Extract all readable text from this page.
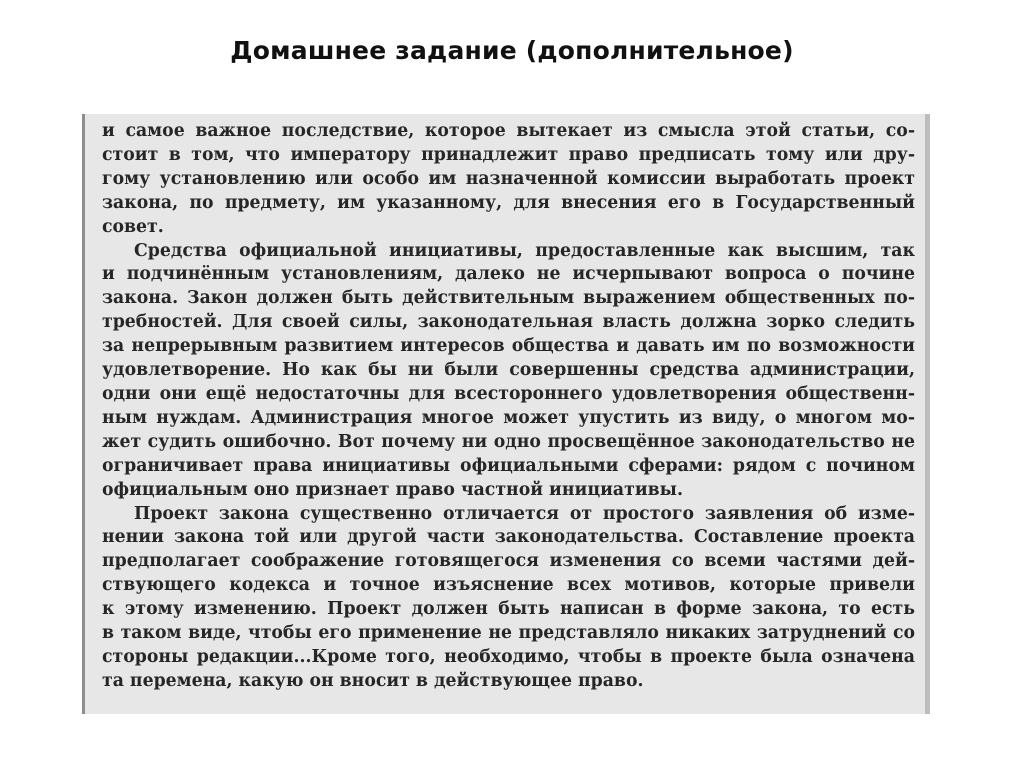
Домашнее задание (дополнительное)
и самое важное последствие, которое вытекает из смысла этой статьи, со-
стоит в том, что императору принадлежит право предписать тому или дру-
гому установлению или особо им назначенной комиссии выработать проект
закона, по предмету, им указанному, для внесения его в Государственный
совет.
Средства официальной инициативы, предоставленные как высшим, так
и подчинённым установлениям, далеко не исчерпывают вопроса о почине
закона. Закон должен быть действительным выражением общественных по-
требностей. Для своей силы, законодательная власть должна зорко следить
за непрерывным развитием интересов общества и давать им по возможности
удовлетворение. Но как бы ни были совершенны средства администрации,
одни они ещё недостаточны для всестороннего удовлетворения общественн-
ным нуждам. Администрация многое может упустить из виду, о многом мо-
жет судить ошибочно. Вот почему ни одно просвещённое законодательство не
ограничивает права инициативы официальными сферами: рядом с почином
официальным оно признает право частной инициативы.
Проект закона существенно отличается от простого заявления об изме-
нении закона той или другой части законодательства. Составление проекта
предполагает соображение готовящегося изменения со всеми частями дей-
ствующего кодекса и точное изъяснение всех мотивов, которые привели
к этому изменению. Проект должен быть написан в форме закона, то есть
в таком виде, чтобы его применение не представляло никаких затруднений со
стороны редакции...Кроме того, необходимо, чтобы в проекте была означена
та перемена, какую он вносит в действующее право.
